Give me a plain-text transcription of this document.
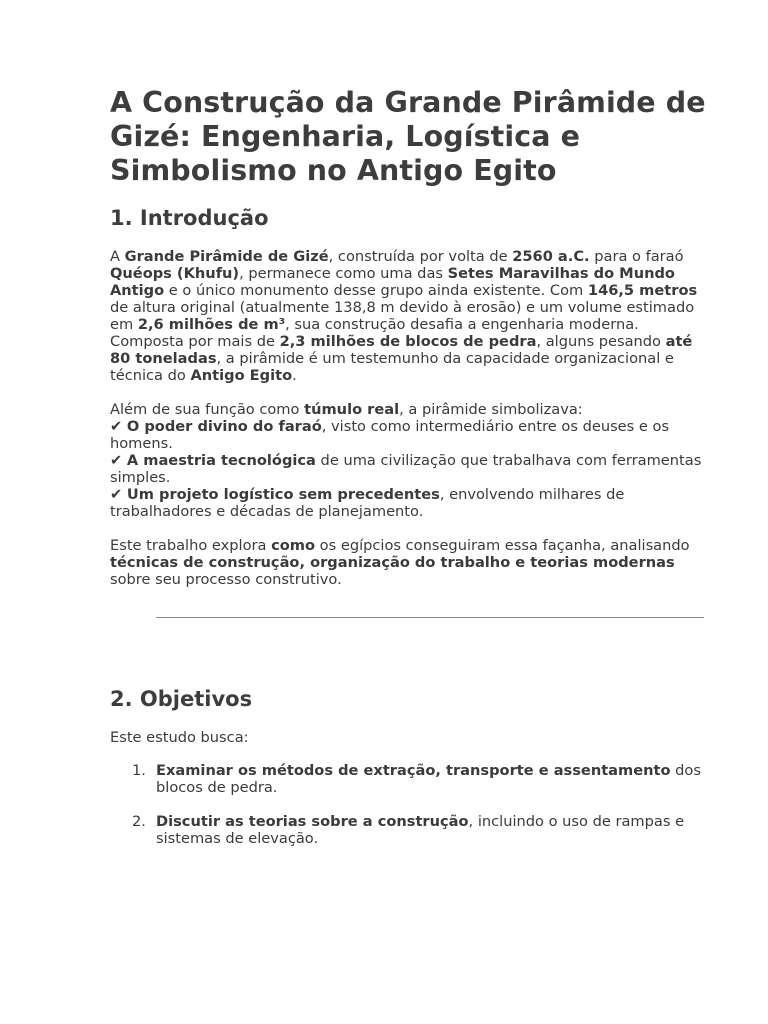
A Construção da Grande Pirâmide de Gizé: Engenharia, Logística e Simbolismo no Antigo Egito
1. Introdução

A Grande Pirâmide de Gizé, construída por volta de 2560 a.C. para o faraó Quéops (Khufu), permanece como uma das Setes Maravilhas do Mundo Antigo e o único monumento desse grupo ainda existente. Com 146,5 metros de altura original (atualmente 138,8 m devido à erosão) e um volume estimado em 2,6 milhões de m³, sua construção desafia a engenharia moderna. Composta por mais de 2,3 milhões de blocos de pedra, alguns pesando até 80 toneladas, a pirâmide é um testemunho da capacidade organizacional e técnica do Antigo Egito.

Além de sua função como túmulo real, a pirâmide simbolizava:
✔ O poder divino do faraó, visto como intermediário entre os deuses e os homens.
✔ A maestria tecnológica de uma civilização que trabalhava com ferramentas simples.
✔ Um projeto logístico sem precedentes, envolvendo milhares de trabalhadores e décadas de planejamento.

Este trabalho explora como os egípcios conseguiram essa façanha, analisando técnicas de construção, organização do trabalho e teorias modernas sobre seu processo construtivo.

2. Objetivos

Este estudo busca:

1. Examinar os métodos de extração, transporte e assentamento dos blocos de pedra.
2. Discutir as teorias sobre a construção, incluindo o uso de rampas e sistemas de elevação.
